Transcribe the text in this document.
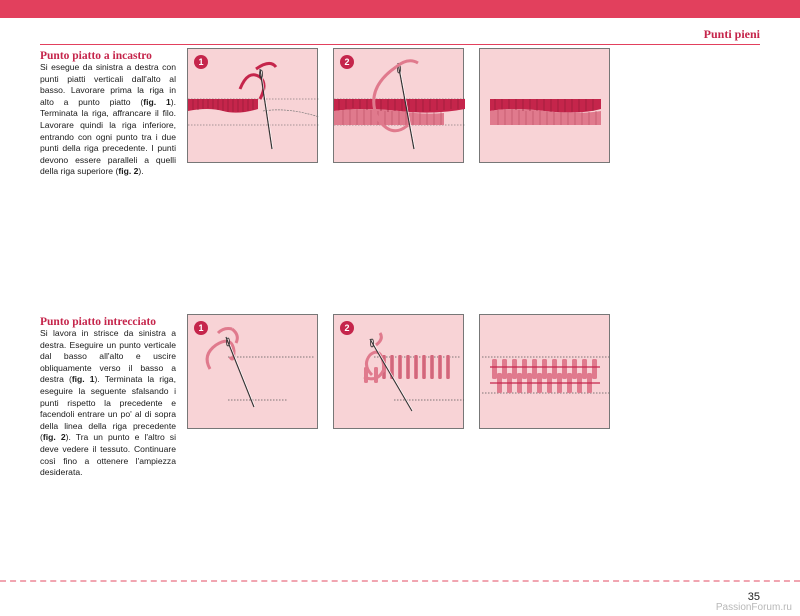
Punti pieni
Punto piatto a incastro

Si esegue da sinistra a destra con punti piatti verticali dall'alto al basso. Lavorare prima la riga in alto a punto piatto (fig. 1). Terminata la riga, affrancare il filo. Lavorare quindi la riga inferiore, entrando con ogni punto tra i due punti della riga precedente. I punti devono essere paralleli a quelli della riga superiore (fig. 2).

1	2
Punto piatto intrecciato

Si lavora in strisce da sinistra a destra. Eseguire un punto verticale dal basso all'alto e uscire obliquamente verso il basso a destra (fig. 1). Terminata la riga, eseguire la seguente sfalsando i punti rispetto la precedente e facendoli entrare un po' al di sopra della linea della riga precedente (fig. 2). Tra un punto e l'altro si deve vedere il tessuto. Continuare così fino a ottenere l'ampiezza desiderata.

1	2
35
PassionForum.ru
